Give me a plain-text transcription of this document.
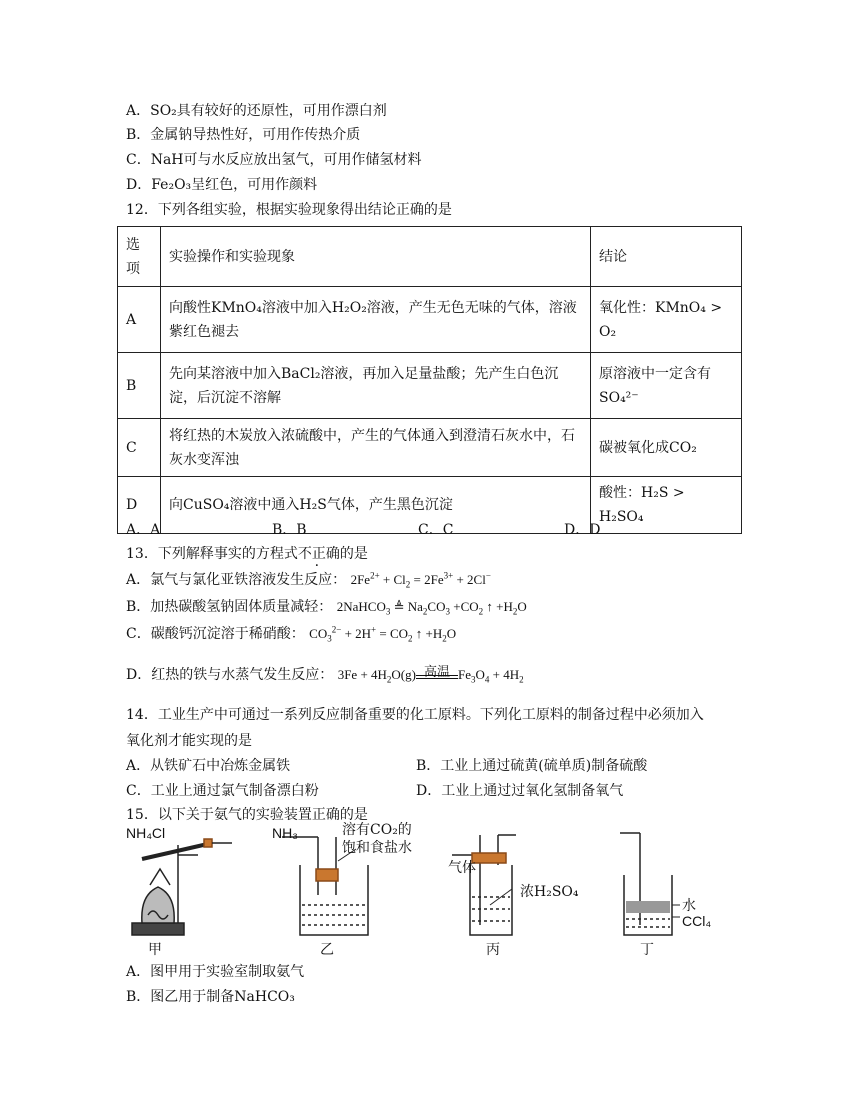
A．SO₂具有较好的还原性，可用作漂白剂
B．金属钠导热性好，可用作传热介质
C．NaH可与水反应放出氢气，可用作储氢材料
D．Fe₂O₃呈红色，可用作颜料
12．下列各组实验，根据实验现象得出结论正确的是
选项	实验操作和实验现象	结论
A	向酸性KMnO₄溶液中加入H₂O₂溶液，产生无色无味的气体，溶液紫红色褪去	氧化性：KMnO₄ > O₂
B	先向某溶液中加入BaCl₂溶液，再加入足量盐酸；先产生白色沉淀，后沉淀不溶解	原溶液中一定含有SO₄²⁻
C	将红热的木炭放入浓硫酸中，产生的气体通入到澄清石灰水中，石灰水变浑浊	碳被氧化成CO₂
D	向CuSO₄溶液中通入H₂S气体，产生黑色沉淀	酸性：H₂S > H₂SO₄
A．A	B．B	C．C	D．D
13．下列解释事实的方程式不正确的是
A．氯气与氯化亚铁溶液发生反应： $2Fe^{2+} + Cl_2 = 2Fe^{3+} + 2Cl^-$
B．加热碳酸氢钠固体质量减轻： 2NaHCO$_3$ ≜ $Na_2CO_3 +CO_2$ ↑ $+H_2O$
C．碳酸钙沉淀溶于稀硝酸： $CO_3^{2-} + 2H^+ = CO_2$ ↑ $+H_2O$
D．红热的铁与水蒸气发生反应： $3Fe + 4H_2O(g)$ 高温 $Fe_3O_4 + 4H_2$
14．工业生产中可通过一系列反应制备重要的化工原料。下列化工原料的制备过程中必须加入
氧化剂才能实现的是
A．从铁矿石中冶炼金属铁	B．工业上通过硫黄(硫单质)制备硫酸
C．工业上通过氯气制备漂白粉	D．工业上通过过氧化氢制备氧气
15．以下关于氨气的实验装置正确的是
NH₄Cl	NH₃	溶有CO₂的
饱和食盐水
气体
浓H₂SO₄
水
CCl₄
甲	乙	丙	丁
A．图甲用于实验室制取氨气
B．图乙用于制备NaHCO₃
